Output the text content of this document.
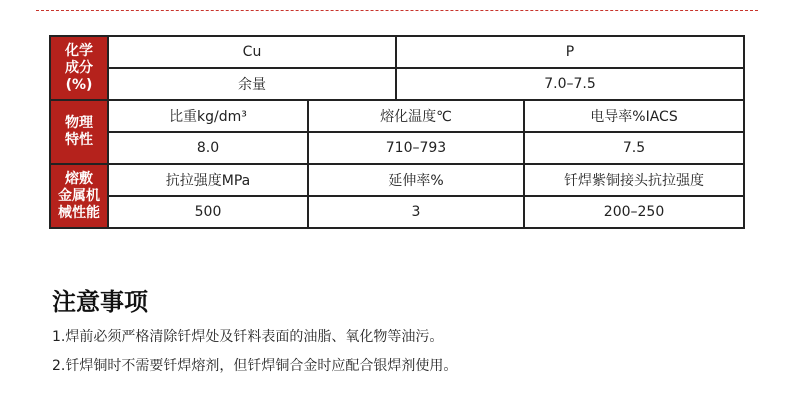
化学
成分
(%)	Cu		P	
	余量		7.0–7.5	
物理
特性	比重kg/dm³	熔化温度℃		电导率%IACS
	8.0	710–793		7.5
熔敷
金属机
械性能	抗拉强度MPa	延伸率%		钎焊紫铜接头抗拉强度
	500	3		200–250
注意事项

1.焊前必须严格清除钎焊处及钎料表面的油脂、氧化物等油污。

2.钎焊铜时不需要钎焊熔剂，但钎焊铜合金时应配合银焊剂使用。
